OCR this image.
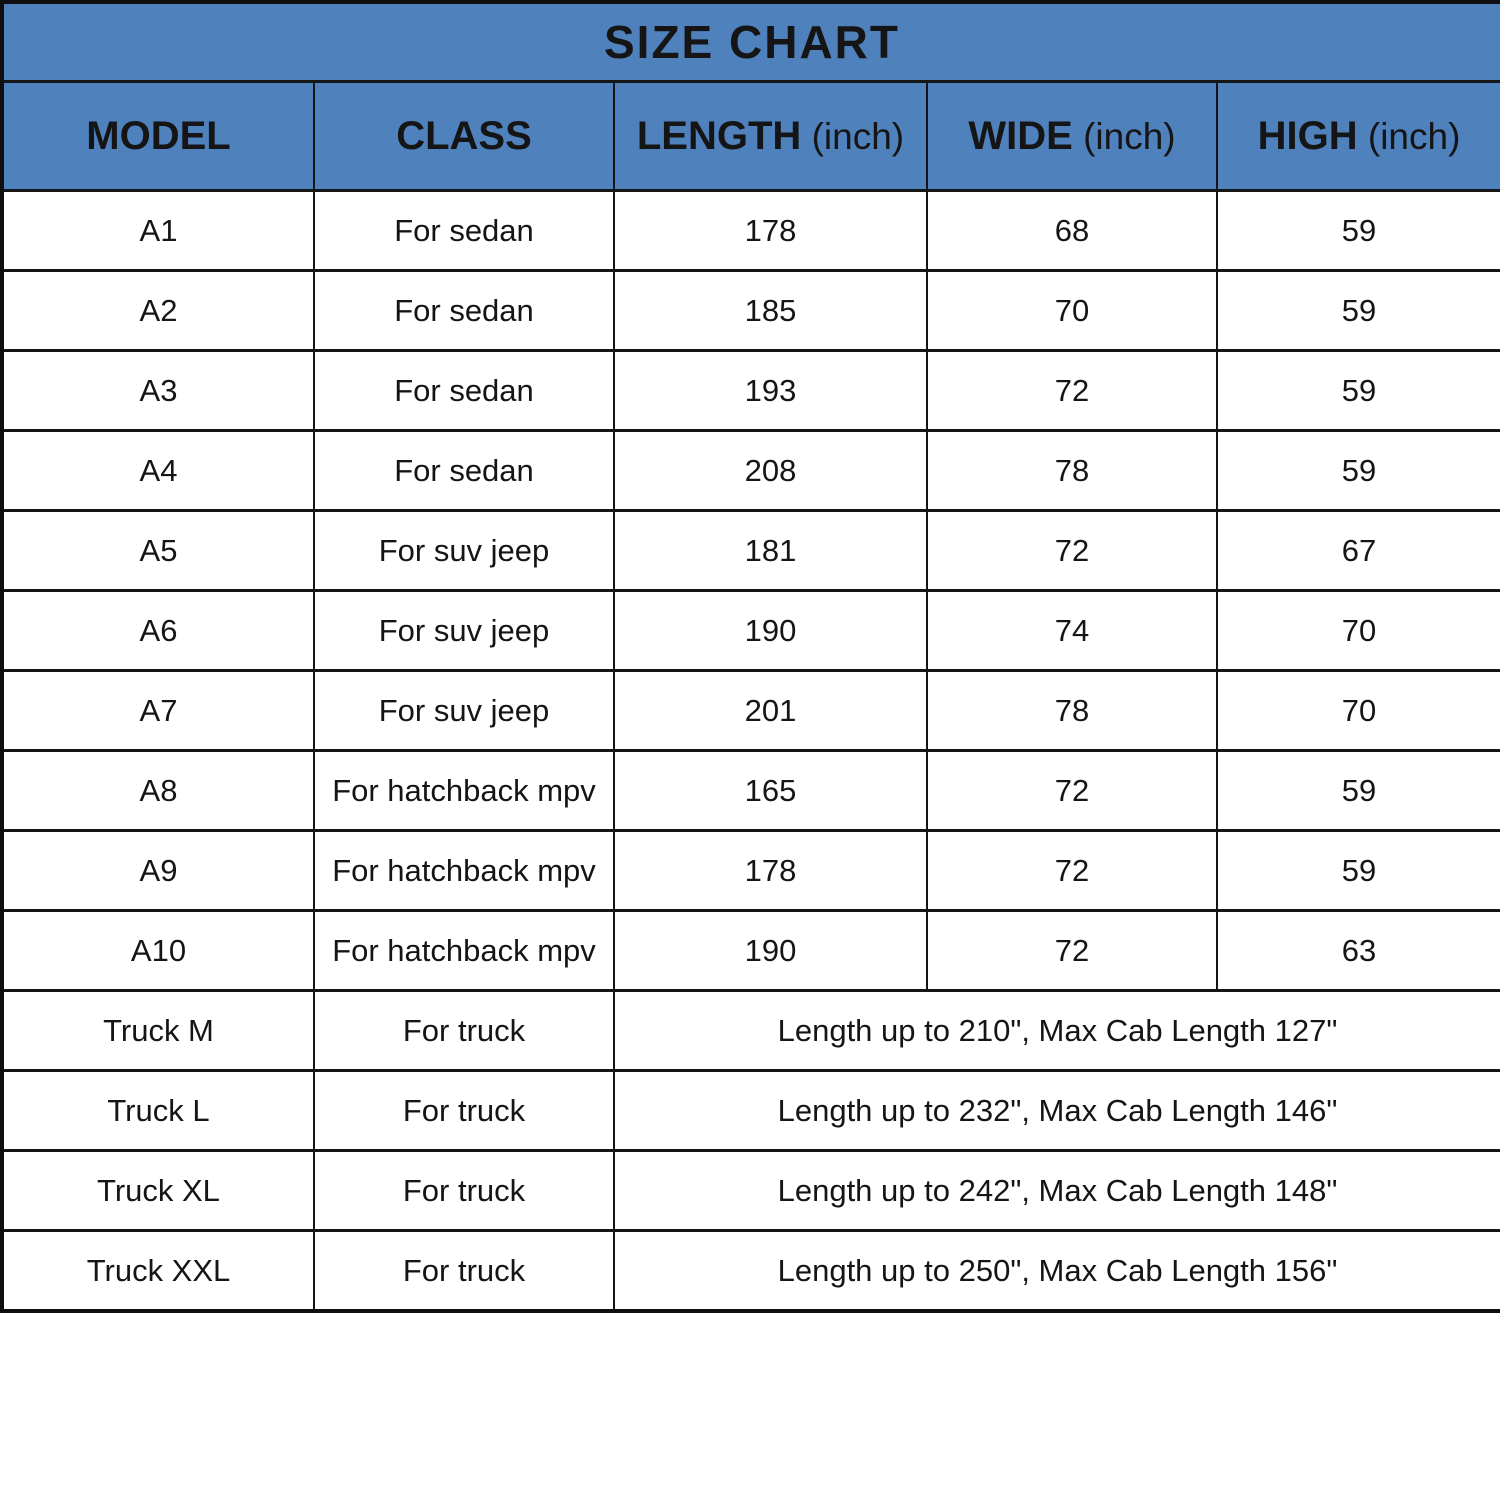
SIZE CHART				
MODEL	CLASS	LENGTH (inch)	WIDE (inch)	HIGH (inch)
A1	For sedan	178	68	59
A2	For sedan	185	70	59
A3	For sedan	193	72	59
A4	For sedan	208	78	59
A5	For suv jeep	181	72	67
A6	For suv jeep	190	74	70
A7	For suv jeep	201	78	70
A8	For hatchback mpv	165	72	59
A9	For hatchback mpv	178	72	59
A10	For hatchback mpv	190	72	63
Truck M	For truck	Length up to 210", Max Cab Length 127"		
Truck L	For truck	Length up to 232", Max Cab Length 146"		
Truck XL	For truck	Length up to 242", Max Cab Length 148"		
Truck XXL	For truck	Length up to 250", Max Cab Length 156"		
